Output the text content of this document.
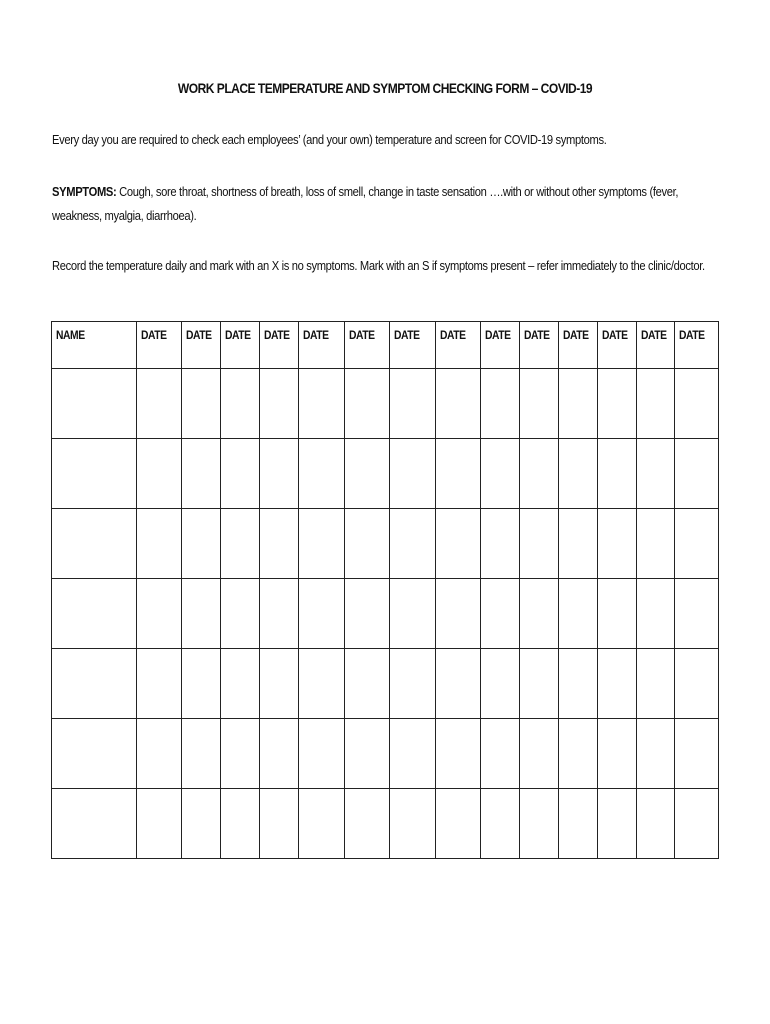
WORK PLACE TEMPERATURE AND SYMPTOM CHECKING FORM – COVID-19
Every day you are required to check each employees’ (and your own) temperature and screen for COVID-19 symptoms.
SYMPTOMS: Cough, sore throat, shortness of breath, loss of smell, change in taste sensation ….with or without other symptoms (fever, weakness, myalgia, diarrhoea).
Record the temperature daily and mark with an X is no symptoms. Mark with an S if symptoms present – refer immediately to the clinic/doctor.
NAME	DATE	DATE	DATE	DATE	DATE	DATE	DATE	DATE	DATE	DATE	DATE	DATE	DATE	DATE
